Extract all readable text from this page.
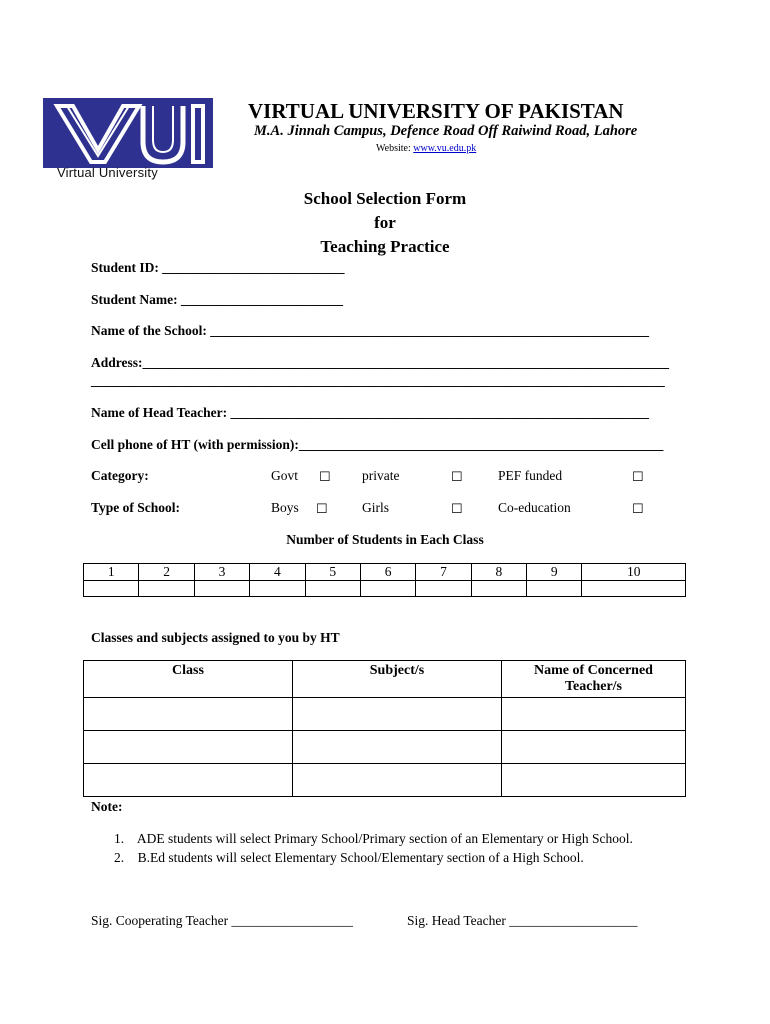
Virtual University
VIRTUAL UNIVERSITY OF PAKISTAN
M.A. Jinnah Campus, Defence Road Off Raiwind Road, Lahore
Website: www.vu.edu.pk
School Selection Form
for
Teaching Practice
Student ID: ___________________________
Student Name: ________________________
Name of the School: _________________________________________________________________
Address:______________________________________________________________________________
_____________________________________________________________________________________
Name of Head Teacher: ______________________________________________________________
Cell phone of HT (with permission):______________________________________________________
Category:	Govt ☐ private	☐	PEF funded	☐
Type of School:	Boys ☐	Girls	☐	Co-education	☐
Number of Students in Each Class
1	2	3	4	5	6	7	8	9	10

Classes and subjects assigned to you by HT
Class	Subject/s	Name of Concerned Teacher/s

Note:
1.    ADE students will select Primary School/Primary section of an Elementary or High School.
2.    B.Ed students will select Elementary School/Elementary section of a High School.
Sig. Cooperating Teacher __________________	Sig. Head Teacher ___________________
